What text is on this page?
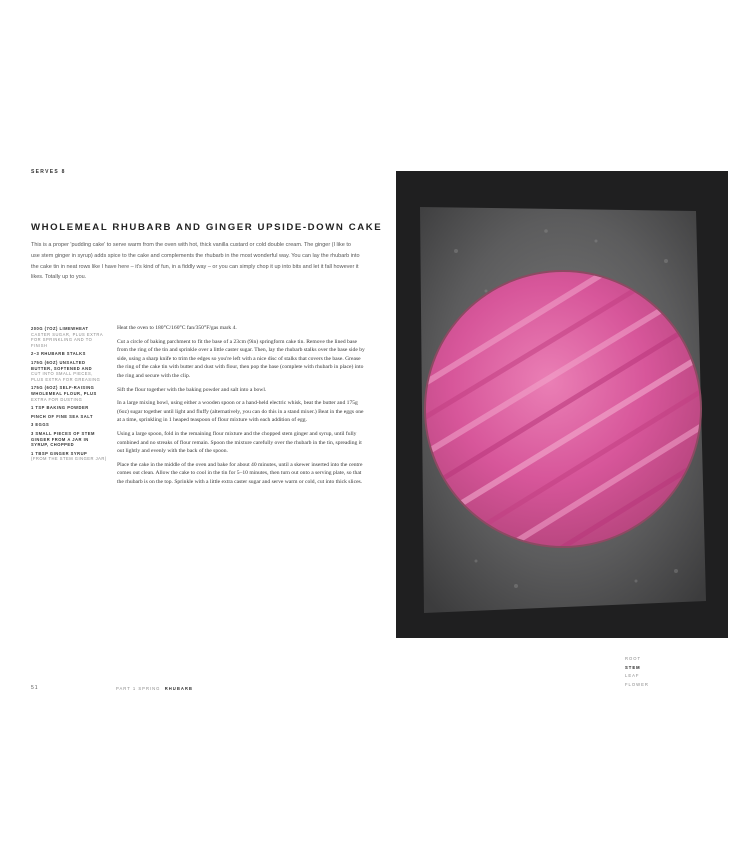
SERVES 8
WHOLEMEAL RHUBARB AND GINGER UPSIDE-DOWN CAKE
This is a proper 'pudding cake' to serve warm from the oven with hot, thick vanilla custard or cold double cream. The ginger (I like to use stem ginger in syrup) adds spice to the cake and complements the rhubarb in the most wonderful way. You can lay the rhubarb into the cake tin in neat rows like I have here – it's kind of fun, in a fiddly way – or you can simply chop it up into bits and let it fall however it likes. Totally up to you.
200G (7OZ) LIMEWHEAT
CASTER SUGAR, PLUS EXTRA FOR SPRINKLING AND TO FINISH
2–3 RHUBARB STALKS
175G (6OZ) UNSALTED BUTTER, SOFTENED AND
CUT INTO SMALL PIECES, PLUS EXTRA FOR GREASING
175G (6OZ) SELF-RAISING WHOLEMEAL FLOUR, PLUS
EXTRA FOR DUSTING
1 TSP BAKING POWDER
PINCH OF FINE SEA SALT
3 EGGS
3 SMALL PIECES OF STEM GINGER FROM A JAR IN SYRUP, CHOPPED
1 TBSP GINGER SYRUP
(FROM THE STEM GINGER JAR)

Heat the oven to 180°C/160°C fan/350°F/gas mark 4.

Cut a circle of baking parchment to fit the base of a 23cm (9in) springform cake tin. Remove the lined base from the ring of the tin and sprinkle over a little caster sugar. Then, lay the rhubarb stalks over the base side by side, using a sharp knife to trim the edges so you're left with a nice disc of stalks that covers the base. Grease the ring of the cake tin with butter and dust with flour, then pop the base (complete with rhubarb in place) into the ring and secure with the clip.

Sift the flour together with the baking powder and salt into a bowl.

In a large mixing bowl, using either a wooden spoon or a hand-held electric whisk, beat the butter and 175g (6oz) sugar together until light and fluffy (alternatively, you can do this in a stand mixer.) Beat in the eggs one at a time, sprinkling in 1 heaped teaspoon of flour mixture with each addition of egg.

Using a large spoon, fold in the remaining flour mixture and the chopped stem ginger and syrup, until fully combined and no streaks of flour remain. Spoon the mixture carefully over the rhubarb in the tin, spreading it out lightly and evenly with the back of the spoon.

Place the cake in the middle of the oven and bake for about 40 minutes, until a skewer inserted into the centre comes out clean. Allow the cake to cool in the tin for 5–10 minutes, then turn out onto a serving plate, so that the rhubarb is on the top. Sprinkle with a little extra caster sugar and serve warm or cold, cut into thick slices.

51	PART 1 SPRING RHUBARB
ROOT
STEM
LEAF
FLOWER
